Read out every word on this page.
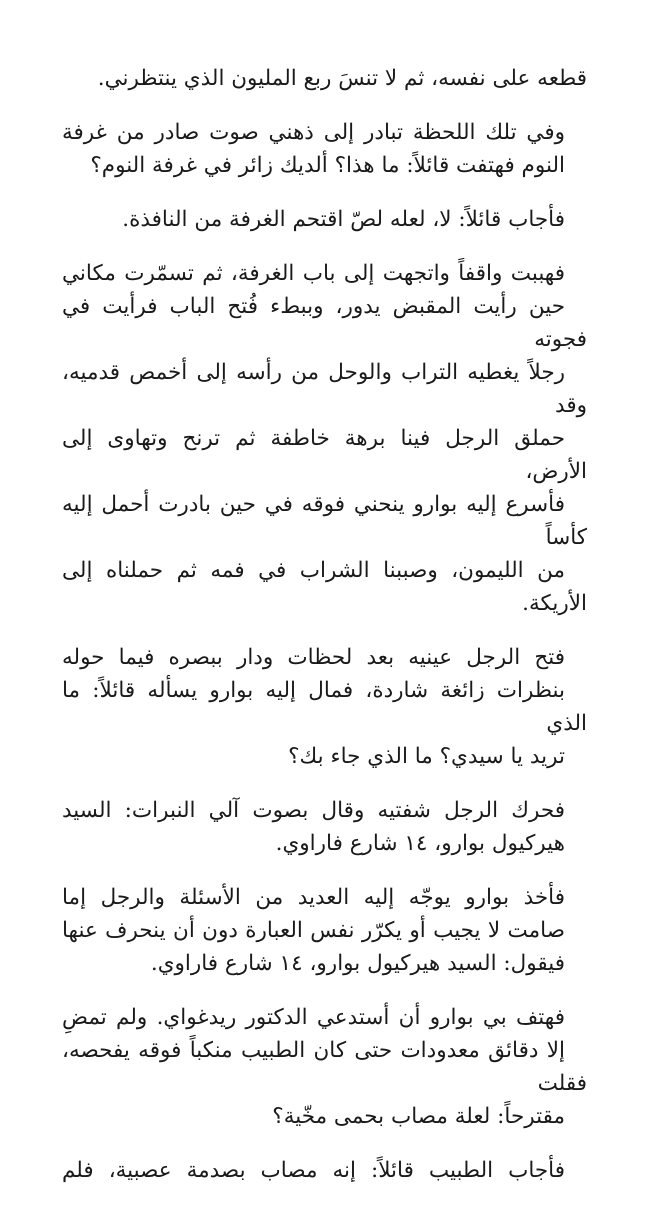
قطعه على نفسه، ثم لا تنسَ ربع المليون الذي ينتظرني.

وفي تلك اللحظة تبادر إلى ذهني صوت صادر من غرفة
النوم فهتفت قائلاً: ما هذا؟ ألديك زائر في غرفة النوم؟

فأجاب قائلاً: لا، لعله لصّ اقتحم الغرفة من النافذة.

فهببت واقفاً واتجهت إلى باب الغرفة، ثم تسمّرت مكاني
حين رأيت المقبض يدور، وببطء فُتح الباب فرأيت في فجوته
رجلاً يغطيه التراب والوحل من رأسه إلى أخمص قدميه، وقد
حملق الرجل فينا برهة خاطفة ثم ترنح وتهاوى إلى الأرض،
فأسرع إليه بوارو ينحني فوقه في حين بادرت أحمل إليه كأساً
من الليمون، وصببنا الشراب في فمه ثم حملناه إلى الأريكة.

فتح الرجل عينيه بعد لحظات ودار ببصره فيما حوله
بنظرات زائغة شاردة، فمال إليه بوارو يسأله قائلاً: ما الذي
تريد يا سيدي؟ ما الذي جاء بك؟

فحرك الرجل شفتيه وقال بصوت آلي النبرات: السيد
هيركيول بوارو، ١٤ شارع فاراوي.

فأخذ بوارو يوجّه إليه العديد من الأسئلة والرجل إما
صامت لا يجيب أو يكرّر نفس العبارة دون أن ينحرف عنها
فيقول: السيد هيركيول بوارو، ١٤ شارع فاراوي.

فهتف بي بوارو أن أستدعي الدكتور ريدغواي. ولم تمضِ
إلا دقائق معدودات حتى كان الطبيب منكباً فوقه يفحصه، فقلت
مقترحاً: لعلة مصاب بحمى مخّية؟

فأجاب الطبيب قائلاً: إنه مصاب بصدمة عصبية، فلم
